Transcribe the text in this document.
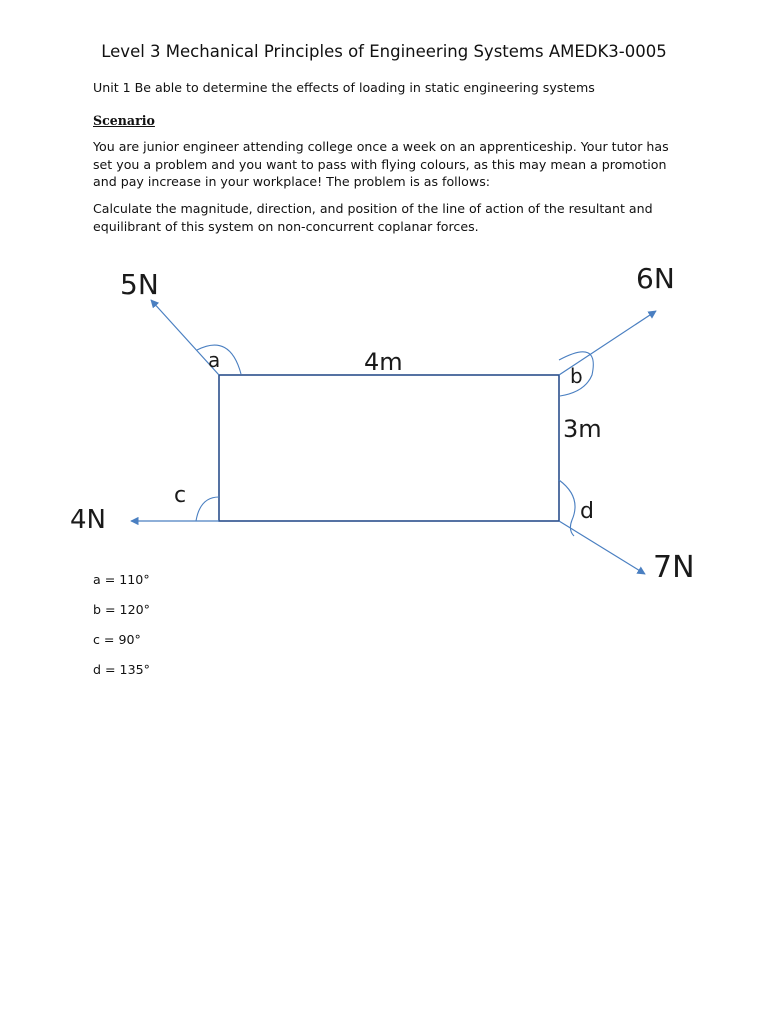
Level 3 Mechanical Principles of Engineering Systems AMEDK3-0005
Unit 1 Be able to determine the effects of loading in static engineering systems
Scenario
You are junior engineer attending college once a week on an apprenticeship. Your tutor has set you a problem and you want to pass with flying colours, as this may mean a promotion and pay increase in your workplace! The problem is as follows:
Calculate the magnitude, direction, and position of the line of action of the resultant and equilibrant of this system on non-concurrent coplanar forces.
5N	6N
4N
7N
4m
3m
a
b
c
d
a = 110°
b = 120°
c = 90°
d = 135°
